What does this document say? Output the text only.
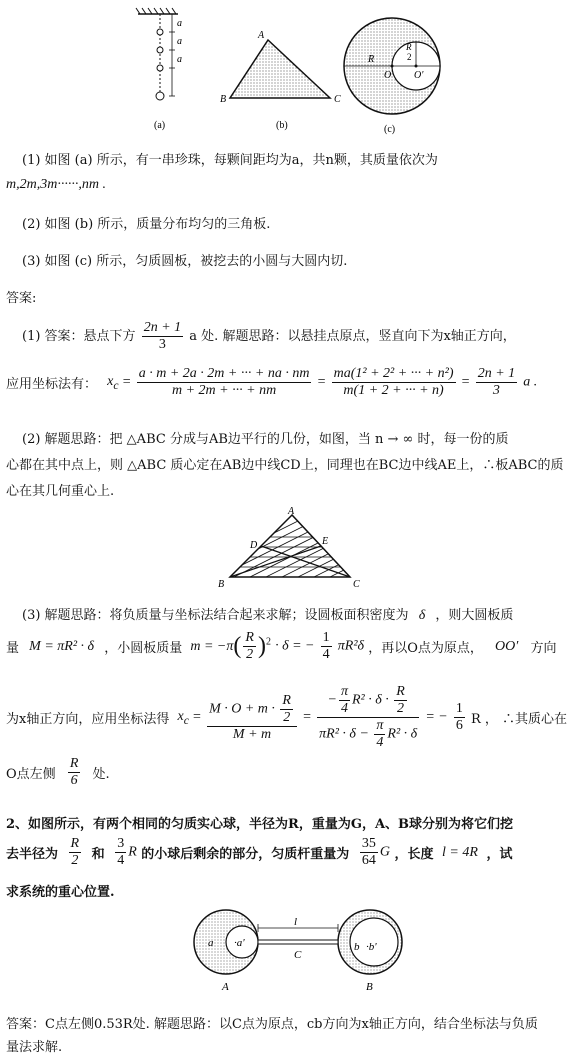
a
a
a
(a)
A
B	C
(b)
R
R
2
O O'
(c)
(1) 如图 (a) 所示，有一串珍珠，每颗间距均为a，共n颗，其质量依次为
m,2m,3m······,nm .
(2) 如图 (b) 所示，质量分布均匀的三角板.
(3) 如图 (c) 所示，匀质圆板，被挖去的小圆与大圆内切.
答案:
(1) 答案：悬点下方 $\frac{2n + 1}{3}$ a 处. 解题思路：以悬挂点原点，竖直向下为x轴正方向，
应用坐标法有： $x_c = \frac{a \cdot m + 2a \cdot 2m + \cdot\cdot\cdot + na \cdot nm}{m + 2m + \cdot\cdot\cdot + nm} = \frac{\text{ma(1² + 2² + ··· + n²)}}{m(1 + 2 + \cdot\cdot\cdot + n)} = \frac{2n + 1}{3}$ a .
(2) 解题思路：把 △ABC 分成与AB边平行的几份，如图，当 n → ∞ 时，每一份的质
心都在其中点上，则 △ABC 质心定在AB边中线CD上，同理也在BC边中线AE上，∴板ABC的质
心在其几何重心上.
A
D	E
B	C
(3) 解题思路：将负质量与坐标法结合起来求解；设圆板面积密度为 δ ，则大圆板质
量 M = πR² · δ ，小圆板质量 $m = -\pi( \frac{R}{2} )^2 \cdot \delta$ = − $\frac{1}{4} \pi R^2\delta$ ，再以O点为原点， OO′ 方向
为x轴正方向，应用坐标法得 $x_c = \frac{M \cdot O + m \cdot \frac{R}{2}}{M + m} = \frac{- \frac{\pi}{4} R^2 \cdot \delta \cdot \frac{R}{2}}{\pi R^2 \cdot \delta - \frac{\pi}{4} R^2 \cdot \delta}$ = − $\frac{1}{6}$ R ， ∴其质心在
O点左侧 $\frac{R}{6}$ 处.
2、如图所示，有两个相同的匀质实心球，半径为R，重量为G，A、B球分别为将它们挖
去半径为 $\frac{R}{2}$ 和 $\frac{3}{4}$ R 的小球后剩余的部分，匀质杆重量为 $\frac{35}{64}$ G ，长度 l = 4R ，试
求系统的重心位置.
a ·a'
l
C
b ·b'
A	B
答案：C点左侧0.53R处. 解题思路：以C点为原点，cb方向为x轴正方向，结合坐标法与负质
量法求解.
